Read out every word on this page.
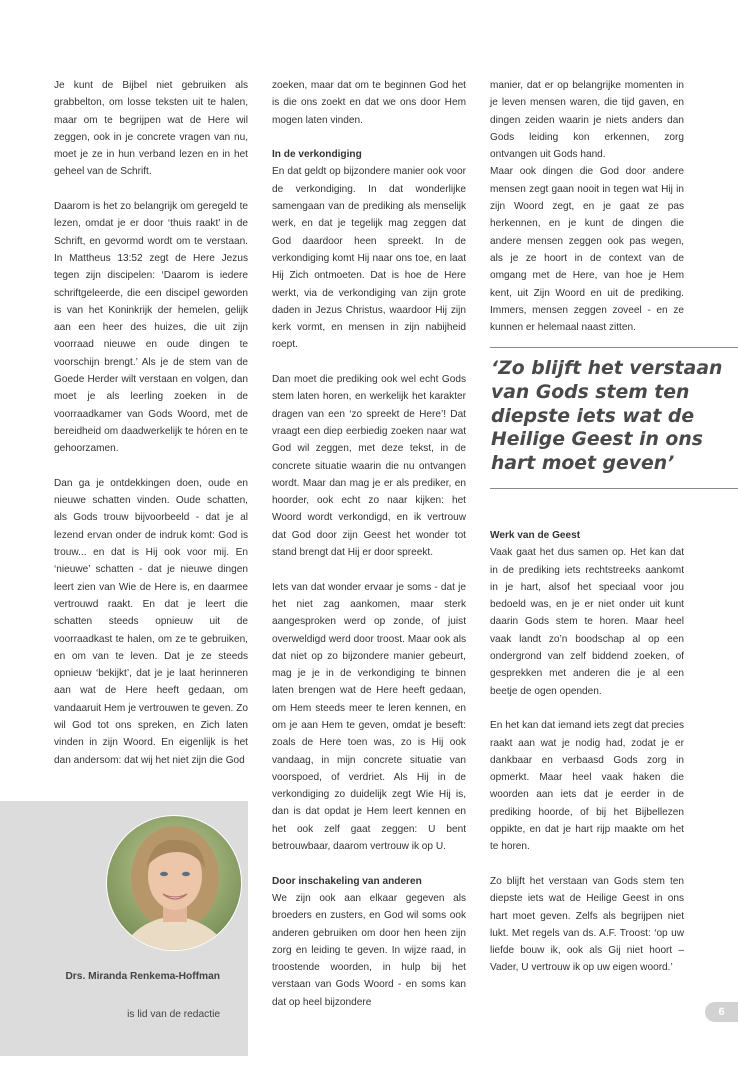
Je kunt de Bijbel niet gebruiken als grabbelton, om losse teksten uit te halen, maar om te begrijpen wat de Here wil zeggen, ook in je concrete vragen van nu, moet je ze in hun verband lezen en in het geheel van de Schrift.

Daarom is het zo belangrijk om geregeld te lezen, omdat je er door ‘thuis raakt’ in de Schrift, en gevormd wordt om te verstaan. In Mattheus 13:52 zegt de Here Jezus tegen zijn discipelen: ‘Daarom is iedere schriftgeleerde, die een discipel geworden is van het Koninkrijk der hemelen, gelijk aan een heer des huizes, die uit zijn voorraad nieuwe en oude dingen te voorschijn brengt.’ Als je de stem van de Goede Herder wilt verstaan en volgen, dan moet je als leerling zoeken in de voorraadkamer van Gods Woord, met de bereidheid om daadwerkelijk te hóren en te gehoorzamen.

Dan ga je ontdekkingen doen, oude en nieuwe schatten vinden. Oude schatten, als Gods trouw bijvoorbeeld - dat je al lezend ervan onder de indruk komt: God is trouw... en dat is Hij ook voor mij. En ‘nieuwe’ schatten - dat je nieuwe dingen leert zien van Wie de Here is, en daarmee vertrouwd raakt. En dat je leert die schatten steeds opnieuw uit de voorraadkast te halen, om ze te gebruiken, en om van te leven. Dat je ze steeds opnieuw ‘bekijkt’, dat je je laat herinneren aan wat de Here heeft gedaan, om vandaaruit Hem je vertrouwen te geven. Zo wil God tot ons spreken, en Zich laten vinden in zijn Woord. En eigenlijk is het dan andersom: dat wij het niet zijn die God

zoeken, maar dat om te beginnen God het is die ons zoekt en dat we ons door Hem mogen laten vinden.

In de verkondiging

En dat geldt op bijzondere manier ook voor de verkondiging. In dat wonderlijke samengaan van de prediking als menselijk werk, en dat je tegelijk mag zeggen dat God daardoor heen spreekt. In de verkondiging komt Hij naar ons toe, en laat Hij Zich ontmoeten. Dat is hoe de Here werkt, via de verkondiging van zijn grote daden in Jezus Christus, waardoor Hij zijn kerk vormt, en mensen in zijn nabijheid roept.

Dan moet die prediking ook wel echt Gods stem laten horen, en werkelijk het karakter dragen van een ‘zo spreekt de Here’! Dat vraagt een diep eerbiedig zoeken naar wat God wil zeggen, met deze tekst, in de concrete situatie waarin die nu ontvangen wordt. Maar dan mag je er als prediker, en hoorder, ook echt zo naar kijken: het Woord wordt verkondigd, en ik vertrouw dat God door zijn Geest het wonder tot stand brengt dat Hij er door spreekt.

Iets van dat wonder ervaar je soms - dat je het niet zag aankomen, maar sterk aangesproken werd op zonde, of juist overweldigd werd door troost. Maar ook als dat niet op zo bijzondere manier gebeurt, mag je je in de verkondiging te binnen laten brengen wat de Here heeft gedaan, om Hem steeds meer te leren kennen, en om je aan Hem te geven, omdat je beseft: zoals de Here toen was, zo is Hij ook vandaag, in mijn concrete situatie van voorspoed, of verdriet. Als Hij in de verkondiging zo duidelijk zegt Wie Hij is, dan is dat opdat je Hem leert kennen en het ook zelf gaat zeggen: U bent betrouwbaar, daarom vertrouw ik op U.

Door inschakeling van anderen

We zijn ook aan elkaar gegeven als broeders en zusters, en God wil soms ook anderen gebruiken om door hen heen zijn zorg en leiding te geven. In wijze raad, in troostende woorden, in hulp bij het verstaan van Gods Woord - en soms kan dat op heel bijzondere

manier, dat er op belangrijke momenten in je leven mensen waren, die tijd gaven, en dingen zeiden waarin je niets anders dan Gods leiding kon erkennen, zorg ontvangen uit Gods hand.

Maar ook dingen die God door andere mensen zegt gaan nooit in tegen wat Hij in zijn Woord zegt, en je gaat ze pas herkennen, en je kunt de dingen die andere mensen zeggen ook pas wegen, als je ze hoort in de context van de omgang met de Here, van hoe je Hem kent, uit Zijn Woord en uit de prediking. Immers, mensen zeggen zoveel - en ze kunnen er helemaal naast zitten.

‘Zo blijft het verstaan van Gods stem ten diepste iets wat de Heilige Geest in ons hart moet geven’

Werk van de Geest

Vaak gaat het dus samen op. Het kan dat in de prediking iets rechtstreeks aankomt in je hart, alsof het speciaal voor jou bedoeld was, en je er niet onder uit kunt daarin Gods stem te horen. Maar heel vaak landt zo’n boodschap al op een ondergrond van zelf biddend zoeken, of gesprekken met anderen die je al een beetje de ogen openden.

En het kan dat iemand iets zegt dat precies raakt aan wat je nodig had, zodat je er dankbaar en verbaasd Gods zorg in opmerkt. Maar heel vaak haken die woorden aan iets dat je eerder in de prediking hoorde, of bij het Bijbellezen oppikte, en dat je hart rijp maakte om het te horen.

Zo blijft het verstaan van Gods stem ten diepste iets wat de Heilige Geest in ons hart moet geven. Zelfs als begrijpen niet lukt. Met regels van ds. A.F. Troost: ‘op uw liefde bouw ik, ook als Gij niet hoort – Vader, U vertrouw ik op uw eigen woord.’

Drs. Miranda Renkema-Hoffman
is lid van de redactie	6
